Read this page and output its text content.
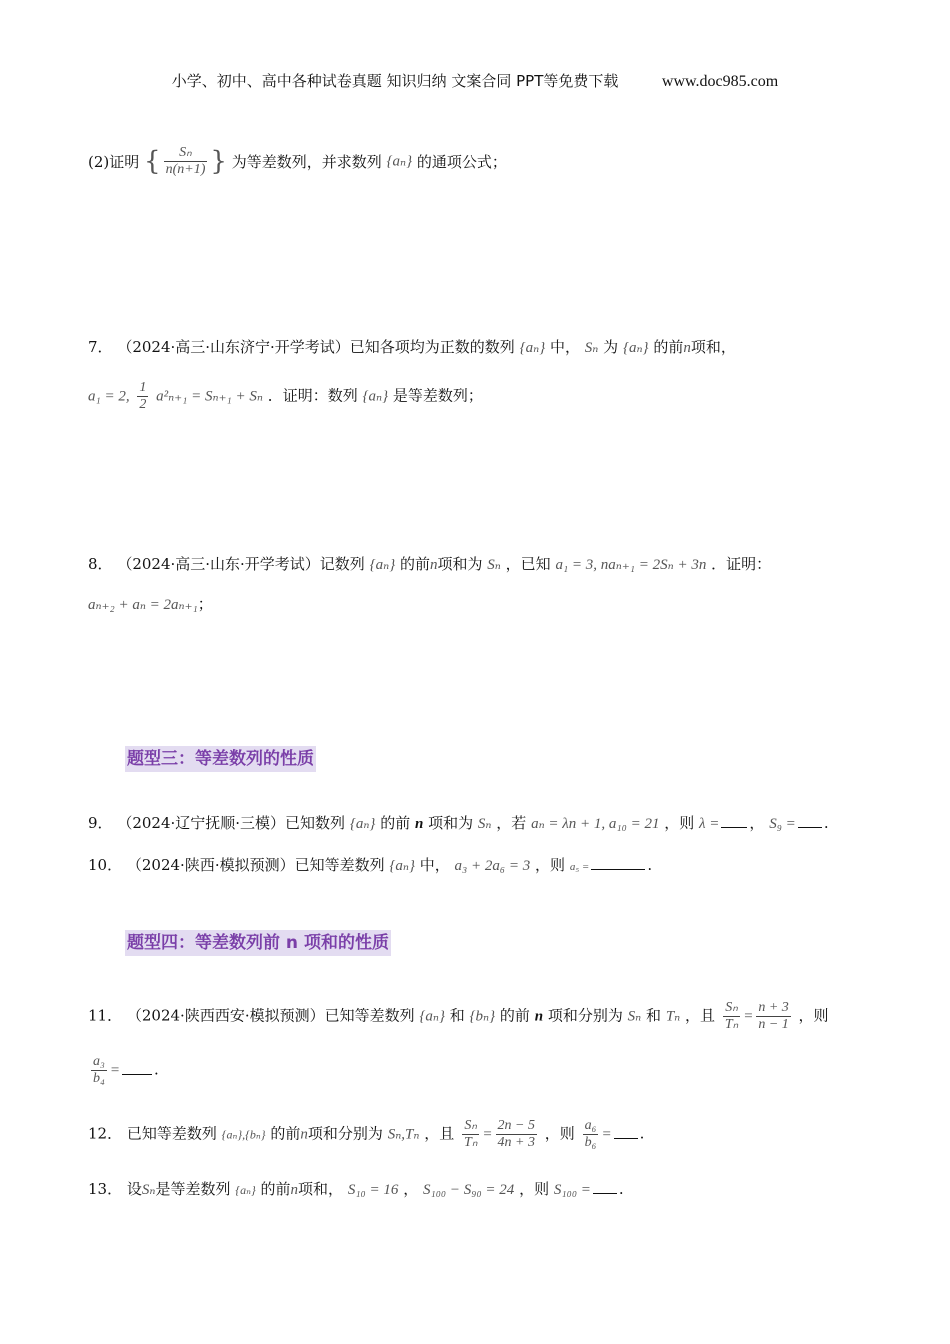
小学、初中、高中各种试卷真题 知识归纳 文案合同 PPT等免费下载	www.doc985.com
(2)证明 { $\frac{\text{Sₙ}}{n(n+1)}$ } 为等差数列，并求数列 {aₙ} 的通项公式；
7． （2024·高三·山东济宁·开学考试）已知各项均为正数的数列 {aₙ} 中， Sₙ 为 {aₙ} 的前n项和，
a₁ = 2, $\frac{1}{2} a^2_{n+1} = S_{n+1} + S_n$ ．证明：数列 {aₙ} 是等差数列；
8． （2024·高三·山东·开学考试）记数列 {aₙ} 的前n项和为 Sₙ ，已知 a₁ = 3, naₙ₊₁ = 2Sₙ + 3n ．证明：
aₙ₊₂ + aₙ = 2aₙ₊₁；
题型三：等差数列的性质
9． （2024·辽宁抚顺·三模）已知数列 {aₙ} 的前 n 项和为 Sₙ ，若 aₙ = λn + 1, a₁₀ = 21 ，则 λ = ， S₉ = .
10． （2024·陕西·模拟预测）已知等差数列 {aₙ} 中， a₃ + 2a₆ = 3 ，则 a₅ =	.
题型四：等差数列前 n 项和的性质
11． （2024·陕西西安·模拟预测）已知等差数列 {aₙ} 和 {bₙ} 的前 n 项和分别为 Sₙ 和 Tₙ ，且 $\frac{\text{Sₙ}}{\text{Tₙ}} = \frac{n + 3}{n - 1}$ ，则
$\frac{\text{a₃}}{\text{b₄}}$ = .
12． 已知等差数列 {aₙ},{bₙ} 的前n项和分别为 Sₙ,Tₙ ，且 $\frac{\text{Sₙ}}{\text{Tₙ}} = \frac{2n - 5}{4n + 3}$ ，则 $\frac{\text{a₆}}{\text{b₆}}$ = .
13． 设Sₙ是等差数列 {aₙ} 的前n项和， S₁₀ = 16 ， S₁₀₀ − S₉₀ = 24 ，则 S₁₀₀ = .
